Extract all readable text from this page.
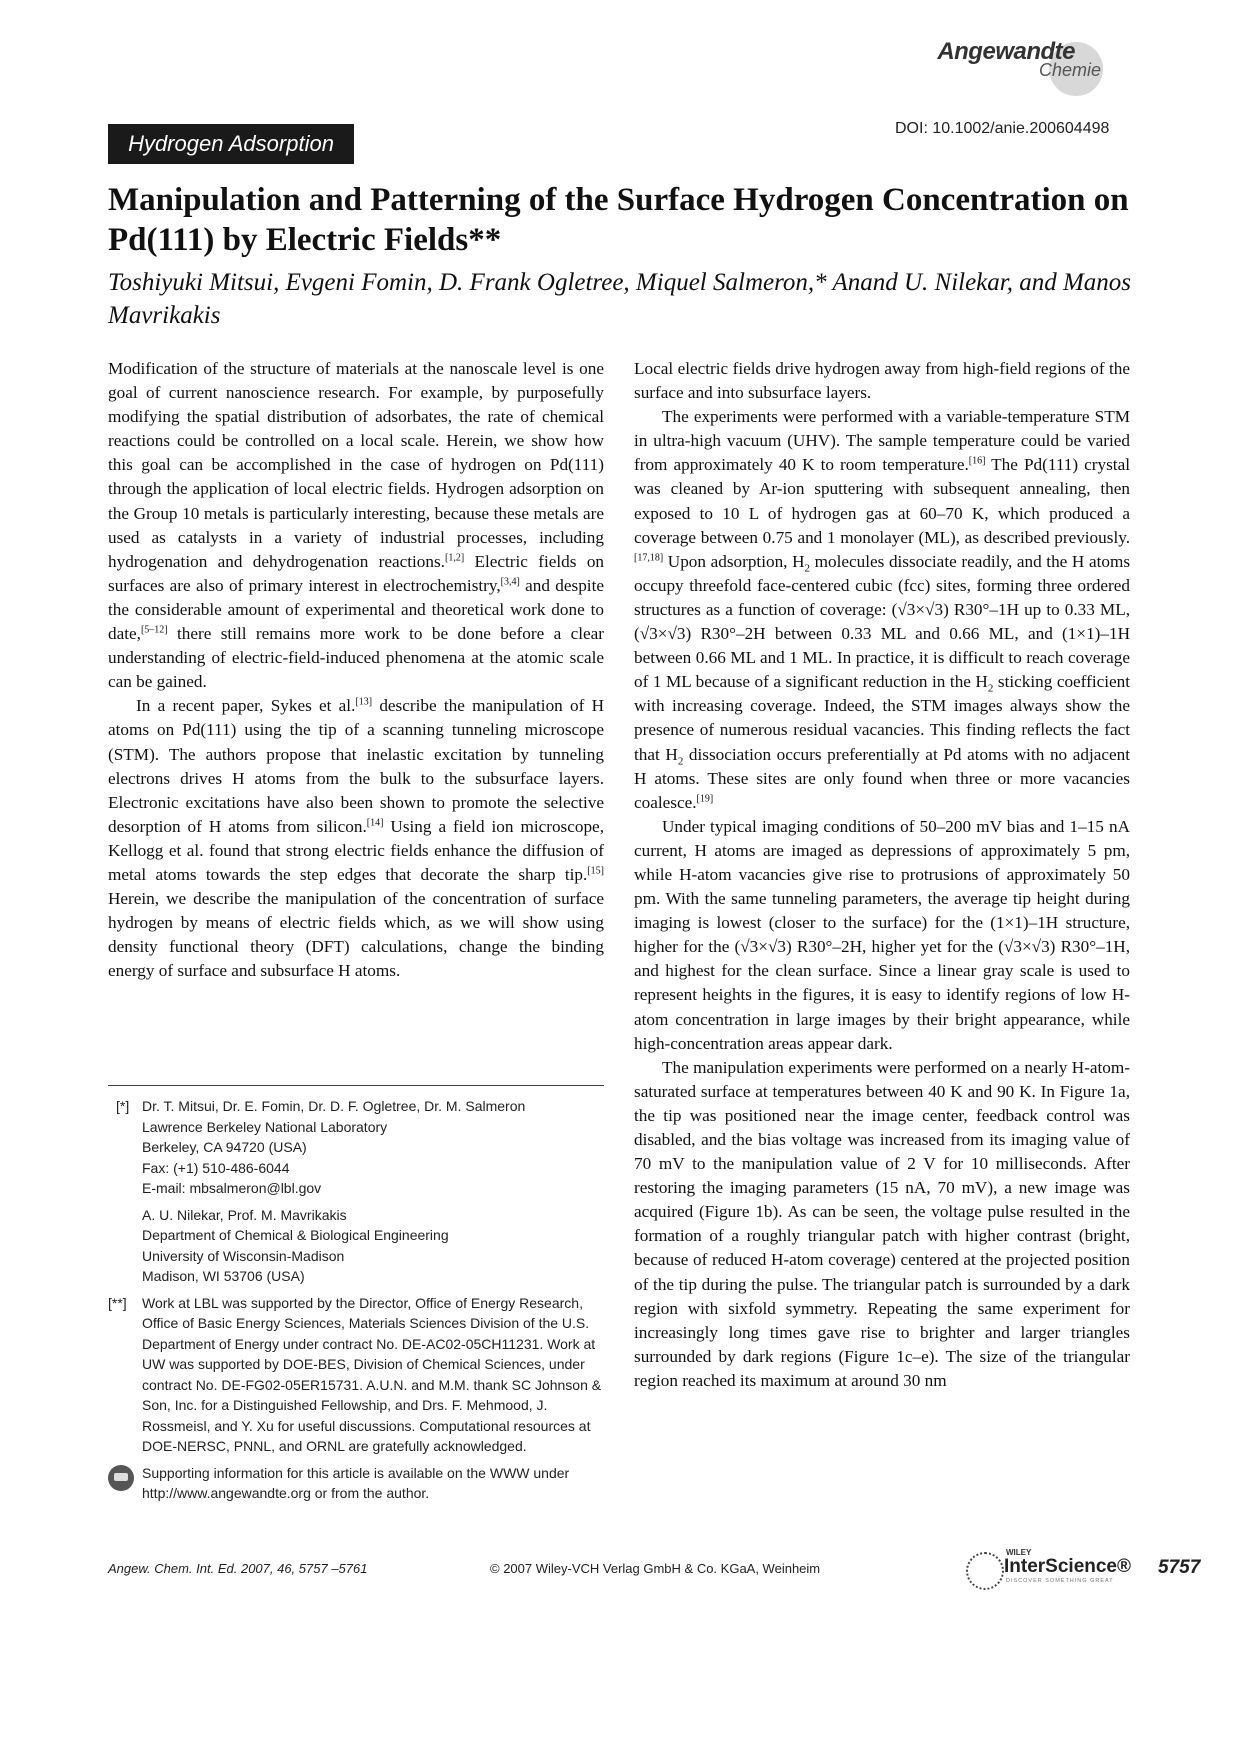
Angewandte
Chemie
DOI: 10.1002/anie.200604498
Hydrogen Adsorption
Manipulation and Patterning of the Surface Hydrogen Concentration on Pd(111) by Electric Fields**
Toshiyuki Mitsui, Evgeni Fomin, D. Frank Ogletree, Miquel Salmeron,* Anand U. Nilekar, and Manos Mavrikakis

Modification of the structure of materials at the nanoscale level is one goal of current nanoscience research. For example, by purposefully modifying the spatial distribution of adsorbates, the rate of chemical reactions could be controlled on a local scale. Herein, we show how this goal can be accomplished in the case of hydrogen on Pd(111) through the application of local electric fields. Hydrogen adsorption on the Group 10 metals is particularly interesting, because these metals are used as catalysts in a variety of industrial processes, including hydrogenation and dehydrogenation reactions.[1,2] Electric fields on surfaces are also of primary interest in electrochemistry,[3,4] and despite the considerable amount of experimental and theoretical work done to date,[5–12] there still remains more work to be done before a clear understanding of electric-field-induced phenomena at the atomic scale can be gained.

In a recent paper, Sykes et al.[13] describe the manipulation of H atoms on Pd(111) using the tip of a scanning tunneling microscope (STM). The authors propose that inelastic excitation by tunneling electrons drives H atoms from the bulk to the subsurface layers. Electronic excitations have also been shown to promote the selective desorption of H atoms from silicon.[14] Using a field ion microscope, Kellogg et al. found that strong electric fields enhance the diffusion of metal atoms towards the step edges that decorate the sharp tip.[15] Herein, we describe the manipulation of the concentration of surface hydrogen by means of electric fields which, as we will show using density functional theory (DFT) calculations, change the binding energy of surface and subsurface H atoms.

Local electric fields drive hydrogen away from high-field regions of the surface and into subsurface layers.

The experiments were performed with a variable-temperature STM in ultra-high vacuum (UHV). The sample temperature could be varied from approximately 40 K to room temperature.[16] The Pd(111) crystal was cleaned by Ar-ion sputtering with subsequent annealing, then exposed to 10 L of hydrogen gas at 60–70 K, which produced a coverage between 0.75 and 1 monolayer (ML), as described previously.[17,18] Upon adsorption, $H_2$ molecules dissociate readily, and the H atoms occupy threefold face-centered cubic (fcc) sites, forming three ordered structures as a function of coverage: (√3×√3) R30°–1H up to 0.33 ML, (√3×√3) R30°–2H between 0.33 ML and 0.66 ML, and (1×1)–1H between 0.66 ML and 1 ML. In practice, it is difficult to reach coverage of 1 ML because of a significant reduction in the $H_2$ sticking coefficient with increasing coverage. Indeed, the STM images always show the presence of numerous residual vacancies. This finding reflects the fact that $H_2$ dissociation occurs preferentially at Pd atoms with no adjacent H atoms. These sites are only found when three or more vacancies coalesce.[19]

Under typical imaging conditions of 50–200 mV bias and 1–15 nA current, H atoms are imaged as depressions of approximately 5 pm, while H-atom vacancies give rise to protrusions of approximately 50 pm. With the same tunneling parameters, the average tip height during imaging is lowest (closer to the surface) for the (1×1)–1H structure, higher for the (√3×√3) R30°–2H, higher yet for the (√3×√3) R30°–1H, and highest for the clean surface. Since a linear gray scale is used to represent heights in the figures, it is easy to identify regions of low H-atom concentration in large images by their bright appearance, while high-concentration areas appear dark.

The manipulation experiments were performed on a nearly H-atom-saturated surface at temperatures between 40 K and 90 K. In Figure 1a, the tip was positioned near the image center, feedback control was disabled, and the bias voltage was increased from its imaging value of 70 mV to the manipulation value of 2 V for 10 milliseconds. After restoring the imaging parameters (15 nA, 70 mV), a new image was acquired (Figure 1b). As can be seen, the voltage pulse resulted in the formation of a roughly triangular patch with higher contrast (bright, because of reduced H-atom coverage) centered at the projected position of the tip during the pulse. The triangular patch is surrounded by a dark region with sixfold symmetry. Repeating the same experiment for increasingly long times gave rise to brighter and larger triangles surrounded by dark regions (Figure 1c–e). The size of the triangular region reached its maximum at around 30 nm

[*] Dr. T. Mitsui, Dr. E. Fomin, Dr. D. F. Ogletree, Dr. M. Salmeron
Lawrence Berkeley National Laboratory
Berkeley, CA 94720 (USA)
Fax: (+1) 510-486-6044
E-mail: mbsalmeron@lbl.gov
A. U. Nilekar, Prof. M. Mavrikakis
Department of Chemical & Biological Engineering
University of Wisconsin-Madison
Madison, WI 53706 (USA)
[**] Work at LBL was supported by the Director, Office of Energy Research, Office of Basic Energy Sciences, Materials Sciences Division of the U.S. Department of Energy under contract No. DE-AC02-05CH11231. Work at UW was supported by DOE-BES, Division of Chemical Sciences, under contract No. DE-FG02-05ER15731. A.U.N. and M.M. thank SC Johnson & Son, Inc. for a Distinguished Fellowship, and Drs. F. Mehmood, J. Rossmeisl, and Y. Xu for useful discussions. Computational resources at DOE-NERSC, PNNL, and ORNL are gratefully acknowledged.
Supporting information for this article is available on the WWW under http://www.angewandte.org or from the author.
Angew. Chem. Int. Ed. 2007, 46, 5757 –5761	© 2007 Wiley-VCH Verlag GmbH & Co. KGaA, Weinheim
WILEY
InterScience®
DISCOVER SOMETHING GREAT
5757
